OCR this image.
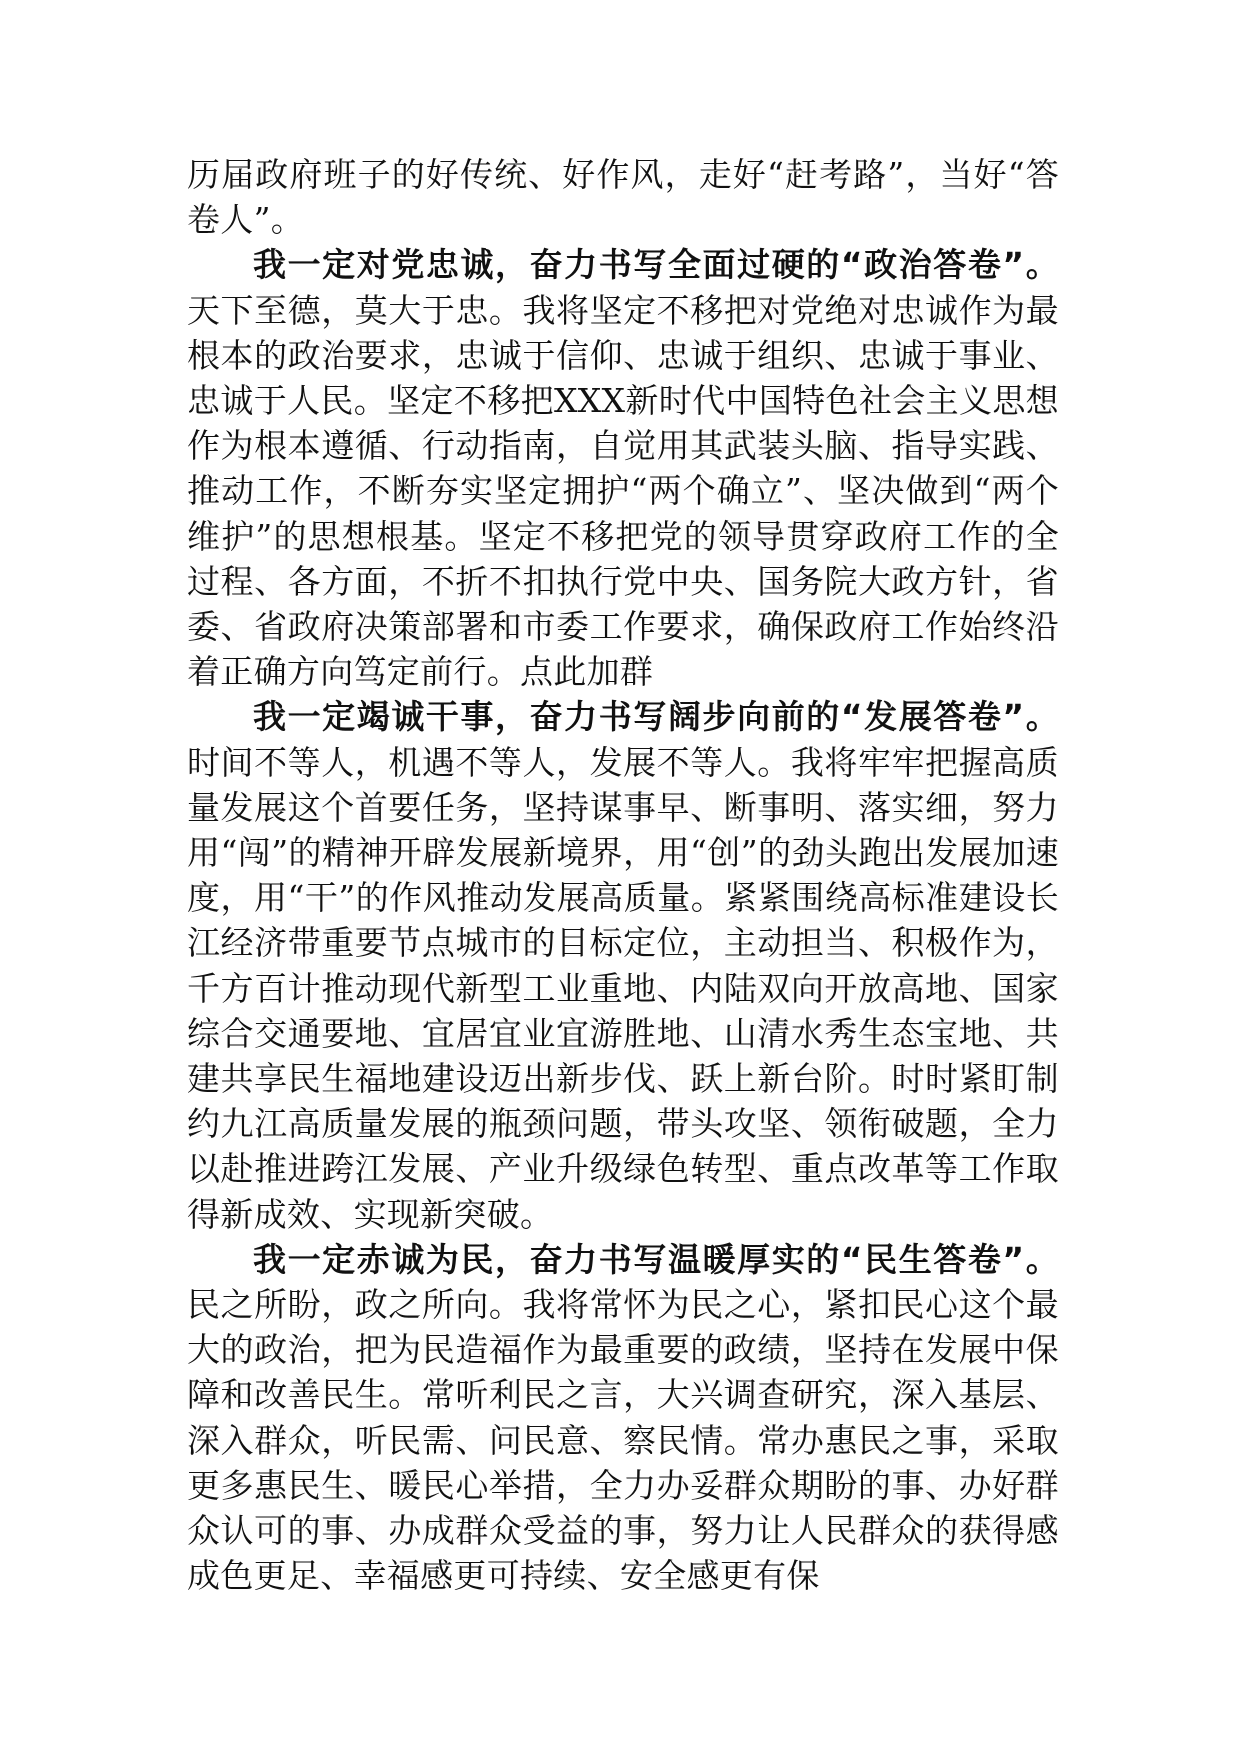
历届政府班子的好传统、好作风，走好“赶考路”，当好“答卷人”。

我一定对党忠诚，奋力书写全面过硬的“政治答卷”。天下至德，莫大于忠。我将坚定不移把对党绝对忠诚作为最根本的政治要求，忠诚于信仰、忠诚于组织、忠诚于事业、忠诚于人民。坚定不移把XXX新时代中国特色社会主义思想作为根本遵循、行动指南，自觉用其武装头脑、指导实践、推动工作，不断夯实坚定拥护“两个确立”、坚决做到“两个维护”的思想根基。坚定不移把党的领导贯穿政府工作的全过程、各方面，不折不扣执行党中央、国务院大政方针，省委、省政府决策部署和市委工作要求，确保政府工作始终沿着正确方向笃定前行。点此加群

我一定竭诚干事，奋力书写阔步向前的“发展答卷”。时间不等人，机遇不等人，发展不等人。我将牢牢把握高质量发展这个首要任务，坚持谋事早、断事明、落实细，努力用“闯”的精神开辟发展新境界，用“创”的劲头跑出发展加速度，用“干”的作风推动发展高质量。紧紧围绕高标准建设长江经济带重要节点城市的目标定位，主动担当、积极作为，千方百计推动现代新型工业重地、内陆双向开放高地、国家综合交通要地、宜居宜业宜游胜地、山清水秀生态宝地、共建共享民生福地建设迈出新步伐、跃上新台阶。时时紧盯制约九江高质量发展的瓶颈问题，带头攻坚、领衔破题，全力以赴推进跨江发展、产业升级绿色转型、重点改革等工作取得新成效、实现新突破。

我一定赤诚为民，奋力书写温暖厚实的“民生答卷”。民之所盼，政之所向。我将常怀为民之心，紧扣民心这个最大的政治，把为民造福作为最重要的政绩，坚持在发展中保障和改善民生。常听利民之言，大兴调查研究，深入基层、深入群众，听民需、问民意、察民情。常办惠民之事，采取更多惠民生、暖民心举措，全力办妥群众期盼的事、办好群众认可的事、办成群众受益的事，努力让人民群众的获得感成色更足、幸福感更可持续、安全感更有保
